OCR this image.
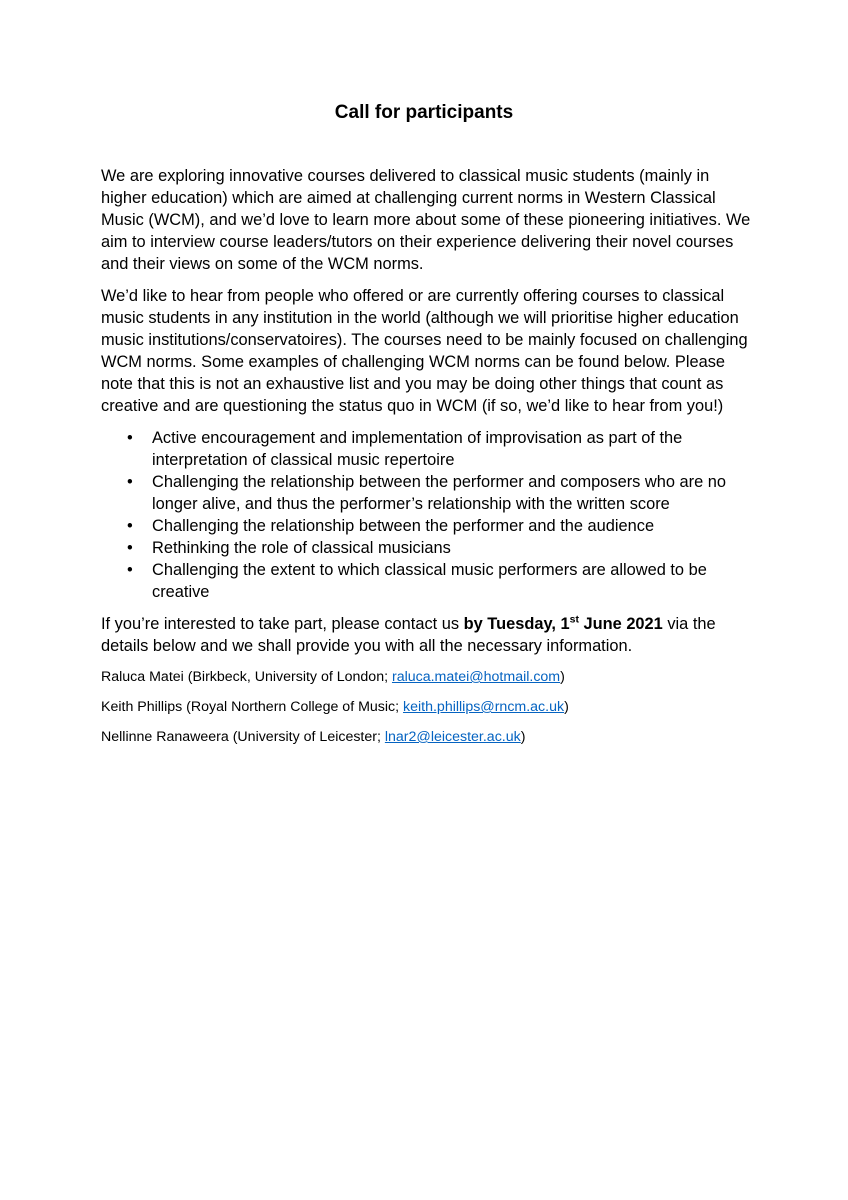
Call for participants

We are exploring innovative courses delivered to classical music students (mainly in higher education) which are aimed at challenging current norms in Western Classical Music (WCM), and we’d love to learn more about some of these pioneering initiatives. We aim to interview course leaders/tutors on their experience delivering their novel courses and their views on some of the WCM norms.

We’d like to hear from people who offered or are currently offering courses to classical music students in any institution in the world (although we will prioritise higher education music institutions/conservatoires). The courses need to be mainly focused on challenging WCM norms. Some examples of challenging WCM norms can be found below. Please note that this is not an exhaustive list and you may be doing other things that count as creative and are questioning the status quo in WCM (if so, we’d like to hear from you!)

• Active encouragement and implementation of improvisation as part of the interpretation of classical music repertoire
• Challenging the relationship between the performer and composers who are no longer alive, and thus the performer’s relationship with the written score
• Challenging the relationship between the performer and the audience
• Rethinking the role of classical musicians
• Challenging the extent to which classical music performers are allowed to be creative

If you’re interested to take part, please contact us by Tuesday, 1st June 2021 via the details below and we shall provide you with all the necessary information.

Raluca Matei (Birkbeck, University of London; raluca.matei@hotmail.com)

Keith Phillips (Royal Northern College of Music; keith.phillips@rncm.ac.uk)

Nellinne Ranaweera (University of Leicester; lnar2@leicester.ac.uk)
